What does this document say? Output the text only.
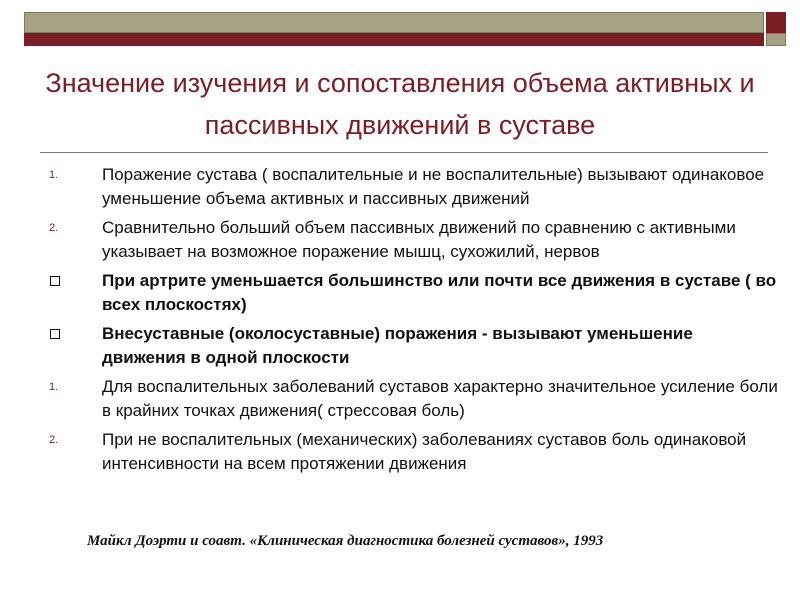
Значение изучения и сопоставления объема активных и пассивных движений в суставе
1.	Поражение сустава ( воспалительные и не воспалительные) вызывают одинаковое уменьшение объема активных и пассивных движений
2.	Сравнительно больший объем пассивных движений по сравнению с активными указывает на возможное поражение мышц, сухожилий, нервов
При артрите уменьшается большинство или почти все движения в суставе ( во всех плоскостях)
Внесуставные (околосуставные) поражения - вызывают уменьшение движения в одной плоскости
1.	Для воспалительных заболеваний суставов характерно значительное усиление боли в крайних точках движения( стрессовая боль)
2.	При не воспалительных (механических) заболеваниях суставов боль одинаковой интенсивности на всем протяжении движения
Майкл Доэрти и соавт. «Клиническая диагностика болезней суставов», 1993
